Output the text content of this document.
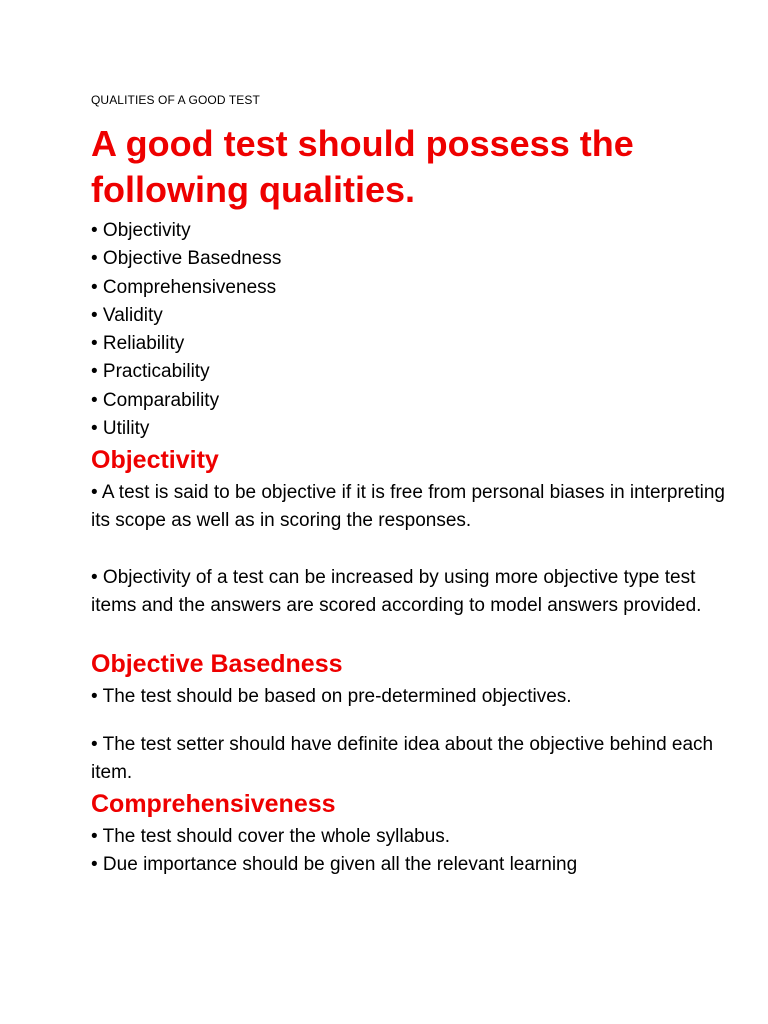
QUALITIES OF A GOOD TEST
A good test should possess the following qualities.
• Objectivity
• Objective Basedness
• Comprehensiveness
• Validity
• Reliability
• Practicability
• Comparability
• Utility
Objectivity

• A test is said to be objective if it is free from personal biases in interpreting its scope as well as in scoring the responses.

• Objectivity of a test can be increased by using more objective type test items and the answers are scored according to model answers provided.

Objective Basedness

• The test should be based on pre-determined objectives.

• The test setter should have definite idea about the objective behind each item.

Comprehensiveness
• The test should cover the whole syllabus.
• Due importance should be given all the relevant learning
